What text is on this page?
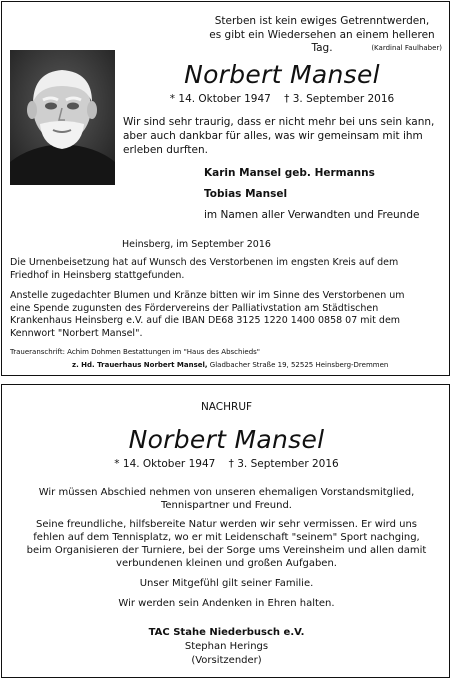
Sterben ist kein ewiges Getrenntwerden,
es gibt ein Wiedersehen an einem helleren Tag.	(Kardinal Faulhaber)
Norbert Mansel
* 14. Oktober 1947    † 3. September 2016
Wir sind sehr traurig, dass er nicht mehr bei uns sein kann,
aber auch dankbar für alles, was wir gemeinsam mit ihm
erleben durften.
Karin Mansel geb. Hermanns
Tobias Mansel
im Namen aller Verwandten und Freunde
Heinsberg, im September 2016
Die Urnenbeisetzung hat auf Wunsch des Verstorbenen im engsten Kreis auf dem
Friedhof in Heinsberg stattgefunden.
Anstelle zugedachter Blumen und Kränze bitten wir im Sinne des Verstorbenen um
eine Spende zugunsten des Fördervereins der Palliativstation am Städtischen
Krankenhaus Heinsberg e.V. auf die IBAN DE68 3125 1220 1400 0858 07 mit dem
Kennwort "Norbert Mansel".
Traueranschrift: Achim Dohmen Bestattungen im "Haus des Abschieds"
z. Hd. Trauerhaus Norbert Mansel, Gladbacher Straße 19, 52525 Heinsberg-Dremmen
NACHRUF
Norbert Mansel
* 14. Oktober 1947    † 3. September 2016
Wir müssen Abschied nehmen von unseren ehemaligen Vorstandsmitglied,
Tennispartner und Freund.
Seine freundliche, hilfsbereite Natur werden wir sehr vermissen. Er wird uns
fehlen auf dem Tennisplatz, wo er mit Leidenschaft "seinem" Sport nachging,
beim Organisieren der Turniere, bei der Sorge ums Vereinsheim und allen damit
verbundenen kleinen und großen Aufgaben.
Unser Mitgefühl gilt seiner Familie.
Wir werden sein Andenken in Ehren halten.
TAC Stahe Niederbusch e.V.
Stephan Herings
(Vorsitzender)
